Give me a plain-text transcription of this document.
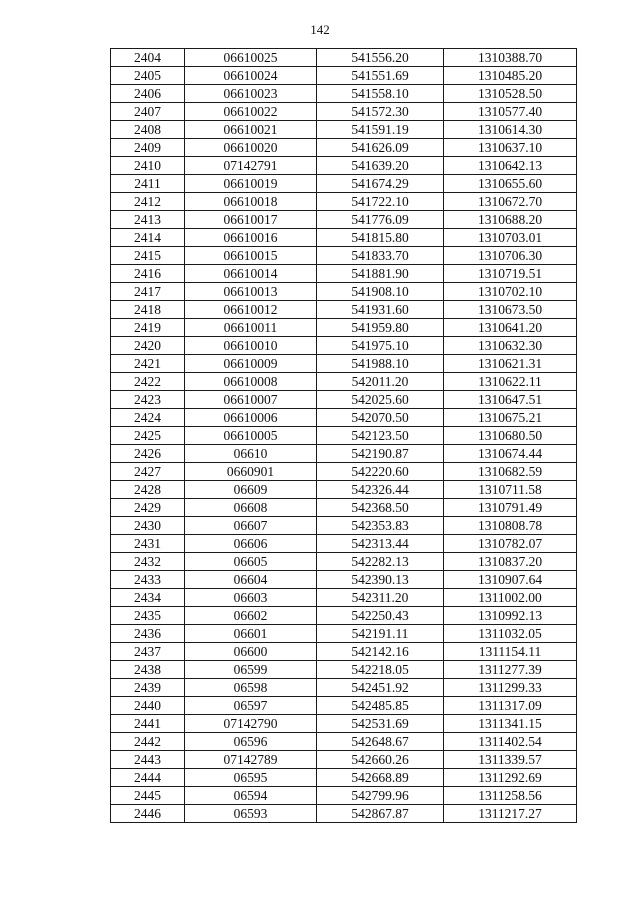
142
2404	06610025	541556.20	1310388.70
2405	06610024	541551.69	1310485.20
2406	06610023	541558.10	1310528.50
2407	06610022	541572.30	1310577.40
2408	06610021	541591.19	1310614.30
2409	06610020	541626.09	1310637.10
2410	07142791	541639.20	1310642.13
2411	06610019	541674.29	1310655.60
2412	06610018	541722.10	1310672.70
2413	06610017	541776.09	1310688.20
2414	06610016	541815.80	1310703.01
2415	06610015	541833.70	1310706.30
2416	06610014	541881.90	1310719.51
2417	06610013	541908.10	1310702.10
2418	06610012	541931.60	1310673.50
2419	06610011	541959.80	1310641.20
2420	06610010	541975.10	1310632.30
2421	06610009	541988.10	1310621.31
2422	06610008	542011.20	1310622.11
2423	06610007	542025.60	1310647.51
2424	06610006	542070.50	1310675.21
2425	06610005	542123.50	1310680.50
2426	06610	542190.87	1310674.44
2427	0660901	542220.60	1310682.59
2428	06609	542326.44	1310711.58
2429	06608	542368.50	1310791.49
2430	06607	542353.83	1310808.78
2431	06606	542313.44	1310782.07
2432	06605	542282.13	1310837.20
2433	06604	542390.13	1310907.64
2434	06603	542311.20	1311002.00
2435	06602	542250.43	1310992.13
2436	06601	542191.11	1311032.05
2437	06600	542142.16	1311154.11
2438	06599	542218.05	1311277.39
2439	06598	542451.92	1311299.33
2440	06597	542485.85	1311317.09
2441	07142790	542531.69	1311341.15
2442	06596	542648.67	1311402.54
2443	07142789	542660.26	1311339.57
2444	06595	542668.89	1311292.69
2445	06594	542799.96	1311258.56
2446	06593	542867.87	1311217.27
